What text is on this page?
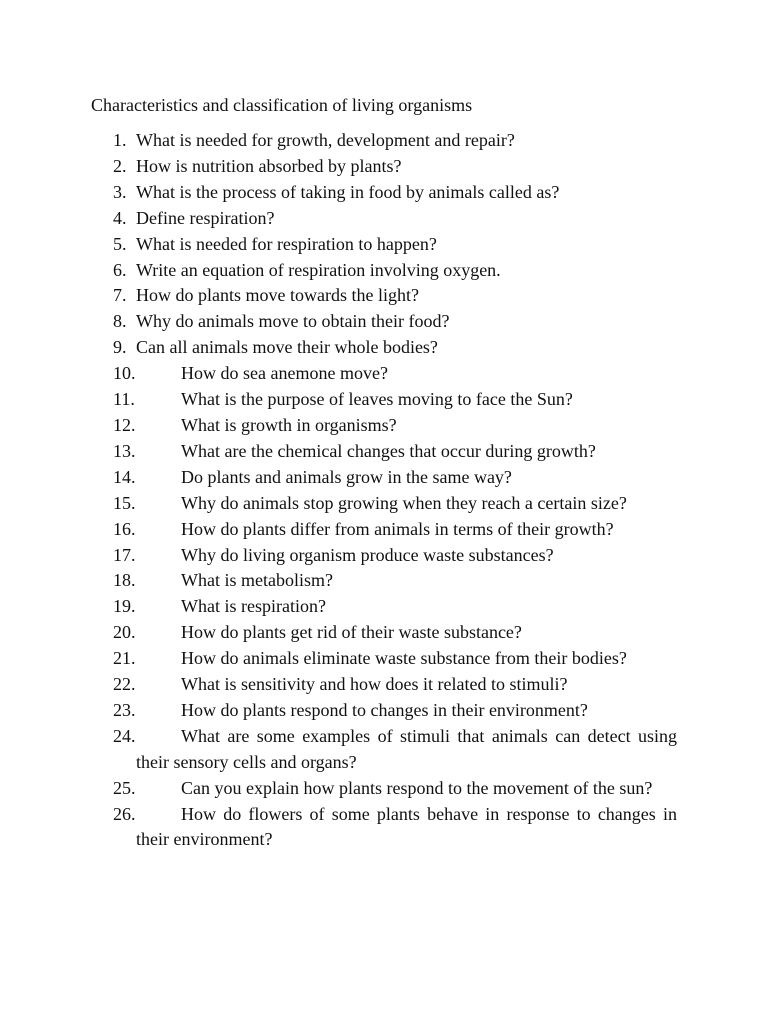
Characteristics and classification of living organisms
1. What is needed for growth, development and repair?
2. How is nutrition absorbed by plants?
3. What is the process of taking in food by animals called as?
4. Define respiration?
5. What is needed for respiration to happen?
6. Write an equation of respiration involving oxygen.
7. How do plants move towards the light?
8. Why do animals move to obtain their food?
9. Can all animals move their whole bodies?
10.	How do sea anemone move?
11.	What is the purpose of leaves moving to face the Sun?
12.	What is growth in organisms?
13.	What are the chemical changes that occur during growth?
14.	Do plants and animals grow in the same way?
15.	Why do animals stop growing when they reach a certain size?
16.	How do plants differ from animals in terms of their growth?
17.	Why do living organism produce waste substances?
18.	What is metabolism?
19.	What is respiration?
20.	How do plants get rid of their waste substance?
21.	How do animals eliminate waste substance from their bodies?
22.	What is sensitivity and how does it related to stimuli?
23.	How do plants respond to changes in their environment?
24.	What are some examples of stimuli that animals can detect using their sensory cells and organs?
25.	Can you explain how plants respond to the movement of the sun?
26.	How do flowers of some plants behave in response to changes in their environment?
